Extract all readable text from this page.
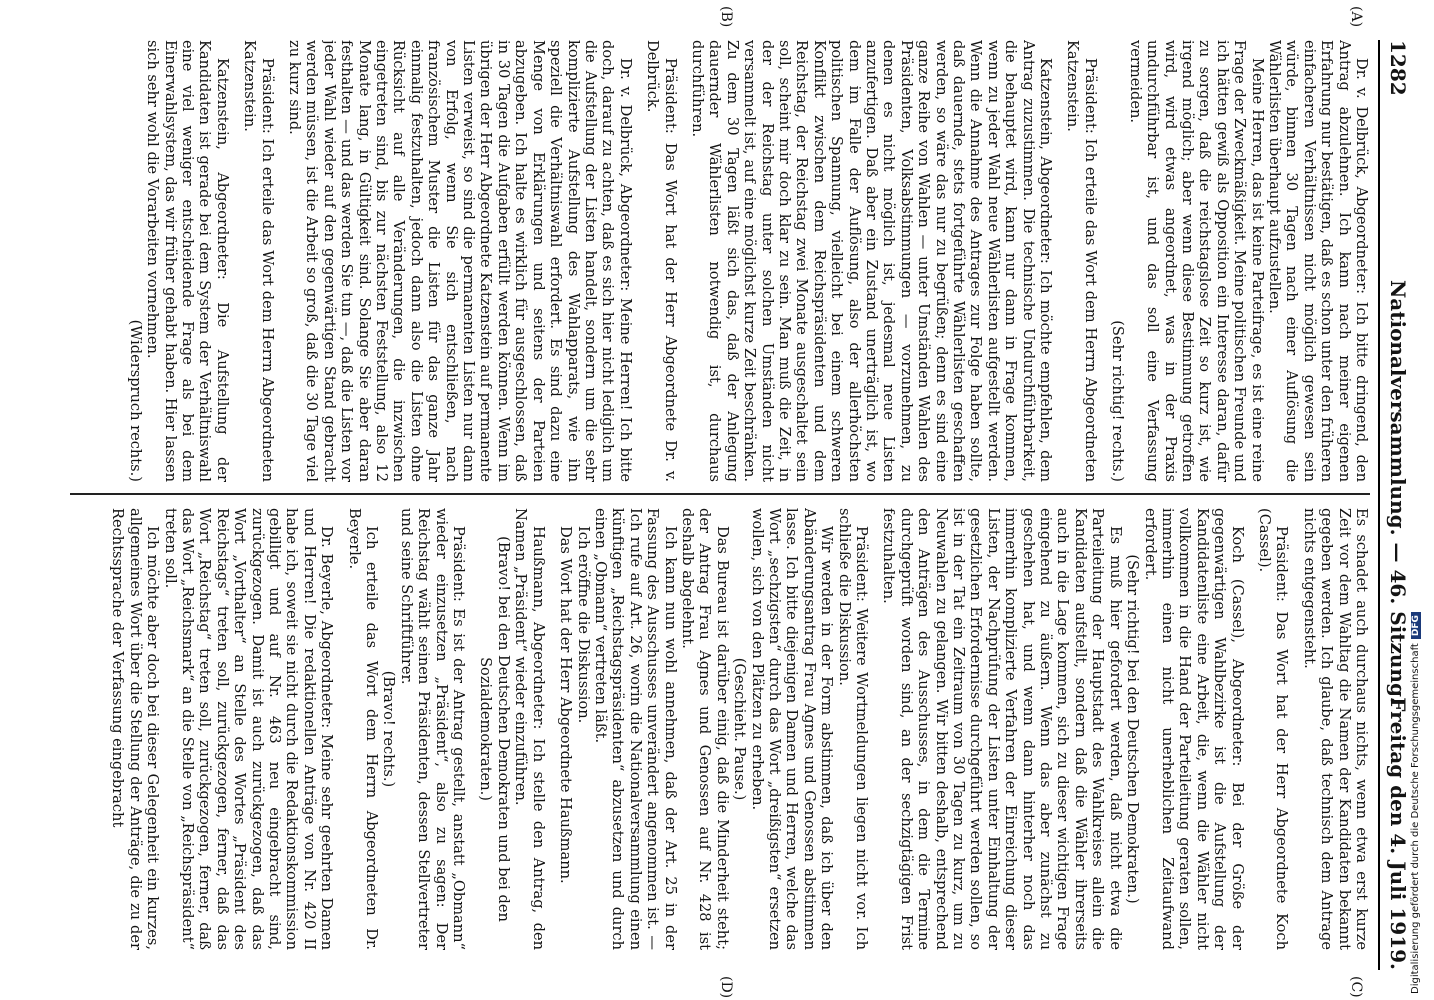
1282
Nationalversammlung. — 46. Sitzung.
Freitag den 4. Juli 1919.
(A)
(B)
(C)
(D)

Dr. v. Delbrück, Abgeordneter: Ich bitte dringend, den Antrag abzulehnen. Ich kann nach meiner eigenen Erfahrung nur bestätigen, daß es schon unter den früheren einfacheren Verhältnissen nicht möglich gewesen sein würde, binnen 30 Tagen nach einer Auflösung die Wählerlisten überhaupt aufzustellen.

Meine Herren, das ist keine Parteifrage, es ist eine reine Frage der Zweckmäßigkeit. Meine politischen Freunde und ich hätten gewiß als Opposition ein Interesse daran, dafür zu sorgen, daß die reichstagslose Zeit so kurz ist, wie irgend möglich; aber wenn diese Bestimmung getroffen wird, wird etwas angeordnet, was in der Praxis undurchführbar ist, und das soll eine Verfassung vermeiden.

(Sehr richtig! rechts.)

Präsident: Ich erteile das Wort dem Herrn Abgeordneten Katzenstein.

Katzenstein, Abgeordneter: Ich möchte empfehlen, dem Antrag zuzustimmen. Die technische Undurchführbarkeit, die behauptet wird, kann nur dann in Frage kommen, wenn zu jeder Wahl neue Wählerlisten aufgestellt werden. Wenn die Annahme des Antrages zur Folge haben sollte, daß dauernde, stets fortgeführte Wählerlisten geschaffen werden, so wäre das nur zu begrüßen; denn es sind eine ganze Reihe von Wahlen — unter Umständen Wahlen des Präsidenten, Volksabstimmungen — vorzunehmen, zu denen es nicht möglich ist, jedesmal neue Listen anzufertigen. Daß aber ein Zustand unerträglich ist, wo dem im Falle der Auflösung, also der allerhöchsten politischen Spannung, vielleicht bei einem schweren Konflikt zwischen dem Reichspräsidenten und dem Reichstag, der Reichstag zwei Monate ausgeschaltet sein soll, scheint mir doch klar zu sein. Man muß die Zeit, in der der Reichstag unter solchen Umständen nicht versammelt ist, auf eine möglichst kurze Zeit beschränken. Zu dem 30 Tagen läßt sich das, daß der Anlegung dauernder Wählerlisten notwendig ist, durchaus durchführen.

Präsident: Das Wort hat der Herr Abgeordnete Dr. v. Delbrück.

Dr. v. Delbrück, Abgeordneter: Meine Herren! Ich bitte doch, darauf zu achten, daß es sich hier nicht lediglich um die Aufstellung der Listen handelt, sondern um die sehr komplizierte Aufstellung des Wahlapparats, wie ihn speziell die Verhältniswahl erfordert. Es sind dazu eine Menge von Erklärungen und seitens der Parteien abzugeben. Ich halte es wirklich für ausgeschlossen, daß in 30 Tagen die Aufgaben erfüllt werden können. Wenn im übrigen der Herr Abgeordnete Katzenstein auf permanente Listen verweist, so sind die permanenten Listen nur dann von Erfolg, wenn Sie sich entschließen, nach französischem Muster die Listen für das ganze Jahr einmalig festzuhalten, jedoch dann also die Listen ohne Rücksicht auf alle Veränderungen, die inzwischen eingetreten sind, bis zur nächsten Feststellung, also 12 Monate lang, in Gültigkeit sind. Solange Sie aber daran festhalten — und das werden Sie tun —, daß die Listen vor jeder Wahl wieder auf den gegenwärtigen Stand gebracht werden müssen, ist die Arbeit so groß, daß die 30 Tage viel zu kurz sind.

Präsident: Ich erteile das Wort dem Herrn Abgeordneten Katzenstein.

Katzenstein, Abgeordneter: Die Aufstellung der Kandidaten ist gerade bei dem System der Verhältniswahl eine viel weniger entscheidende Frage als bei dem Einerwahlsystem, das wir früher gehabt haben. Hier lassen sich sehr wohl die Vorarbeiten vornehmen.

(Widerspruch rechts.)

Es schadet auch durchaus nichts, wenn etwa erst kurze Zeit vor dem Wahltag die Namen der Kandidaten bekannt gegeben werden. Ich glaube, daß technisch dem Antrage nichts entgegensteht.

Präsident: Das Wort hat der Herr Abgeordnete Koch (Cassel).

Koch (Cassel), Abgeordneter: Bei der Größe der gegenwärtigen Wahlbezirke ist die Aufstellung der Kandidatenliste eine Arbeit, die, wenn die Wähler nicht vollkommen in die Hand der Parteileitung geraten sollen, immerhin einen nicht unerheblichen Zeitaufwand erfordert.

(Sehr richtig! bei den Deutschen Demokraten.)

Es muß hier gefordert werden, daß nicht etwa die Parteileitung der Hauptstadt des Wahlkreises allein die Kandidaten aufstellt, sondern daß die Wähler ihrerseits auch in die Lage kommen, sich zu dieser wichtigen Frage eingehend zu äußern. Wenn das aber zunächst zu geschehen hat, und wenn dann hinterher noch das immerhin komplizierte Verfahren der Einreichung dieser Listen, der Nachprüfung der Listen unter Einhaltung der gesetzlichen Erfordernisse durchgeführt werden sollen, so ist in der Tat ein Zeitraum von 30 Tagen zu kurz, um zu Neuwahlen zu gelangen. Wir bitten deshalb, entsprechend den Anträgen des Ausschusses, in dem die Termine durchgeprüft worden sind, an der sechzigtägigen Frist festzuhalten.

Präsident: Weitere Wortmeldungen liegen nicht vor. Ich schließe die Diskussion.

Wir werden in der Form abstimmen, daß ich über den Abänderungsantrag Frau Agnes und Genossen abstimmen lasse. Ich bitte diejenigen Damen und Herren, welche das Wort „sechzigsten“ durch das Wort „dreißigsten“ ersetzen wollen, sich von den Plätzen zu erheben.

(Geschieht. Pause.)

Das Bureau ist darüber einig, daß die Minderheit steht; der Antrag Frau Agnes und Genossen auf Nr. 428 ist deshalb abgelehnt.

Ich kann nun wohl annehmen, daß der Art. 25 in der Fassung des Ausschusses unverändert angenommen ist. — Ich rufe auf Art. 26, worin die Nationalversammlung einen künftigen „Reichstagspräsidenten“ abzusetzen und durch einen „Obmann“ vertreten läßt.

Ich eröffne die Diskussion.

Das Wort hat der Herr Abgeordnete Haußmann.

Haußmann, Abgeordneter: Ich stelle den Antrag, den Namen „Präsident“ wieder einzuführen.

(Bravo! bei den Deutschen Demokraten und bei den Sozialdemokraten.)

Präsident: Es ist der Antrag gestellt, anstatt „Obmann“ wieder einzusetzen „Präsident“, also zu sagen: Der Reichstag wählt seinen Präsidenten, dessen Stellvertreter und seine Schriftführer.

(Bravo! rechts.)

Ich erteile das Wort dem Herrn Abgeordneten Dr. Beyerle.

Dr. Beyerle, Abgeordneter: Meine sehr geehrten Damen und Herren! Die redaktionellen Anträge von Nr. 420 II habe ich, soweit sie nicht durch die Redaktionskommission gebilligt und auf Nr. 463 neu eingebracht sind, zurückgezogen. Damit ist auch zurückgezogen, daß das Wort „Vorthalter“ an Stelle des Wortes „Präsident des Reichstags“ treten soll, zurückgezogen, ferner, daß das Wort „Reichstag“ treten soll, zurückgezogen, ferner, daß das Wort „Reichsmark“ an die Stelle von „Reichspräsident“ treten soll.

Ich möchte aber doch bei dieser Gelegenheit ein kurzes, allgemeines Wort über die Stellung der Anträge, die zu der Rechtssprache der Verfassung eingebracht	Digitalisierung gefördert durch die Deutsche ForschungsgemeinschaftDFG
